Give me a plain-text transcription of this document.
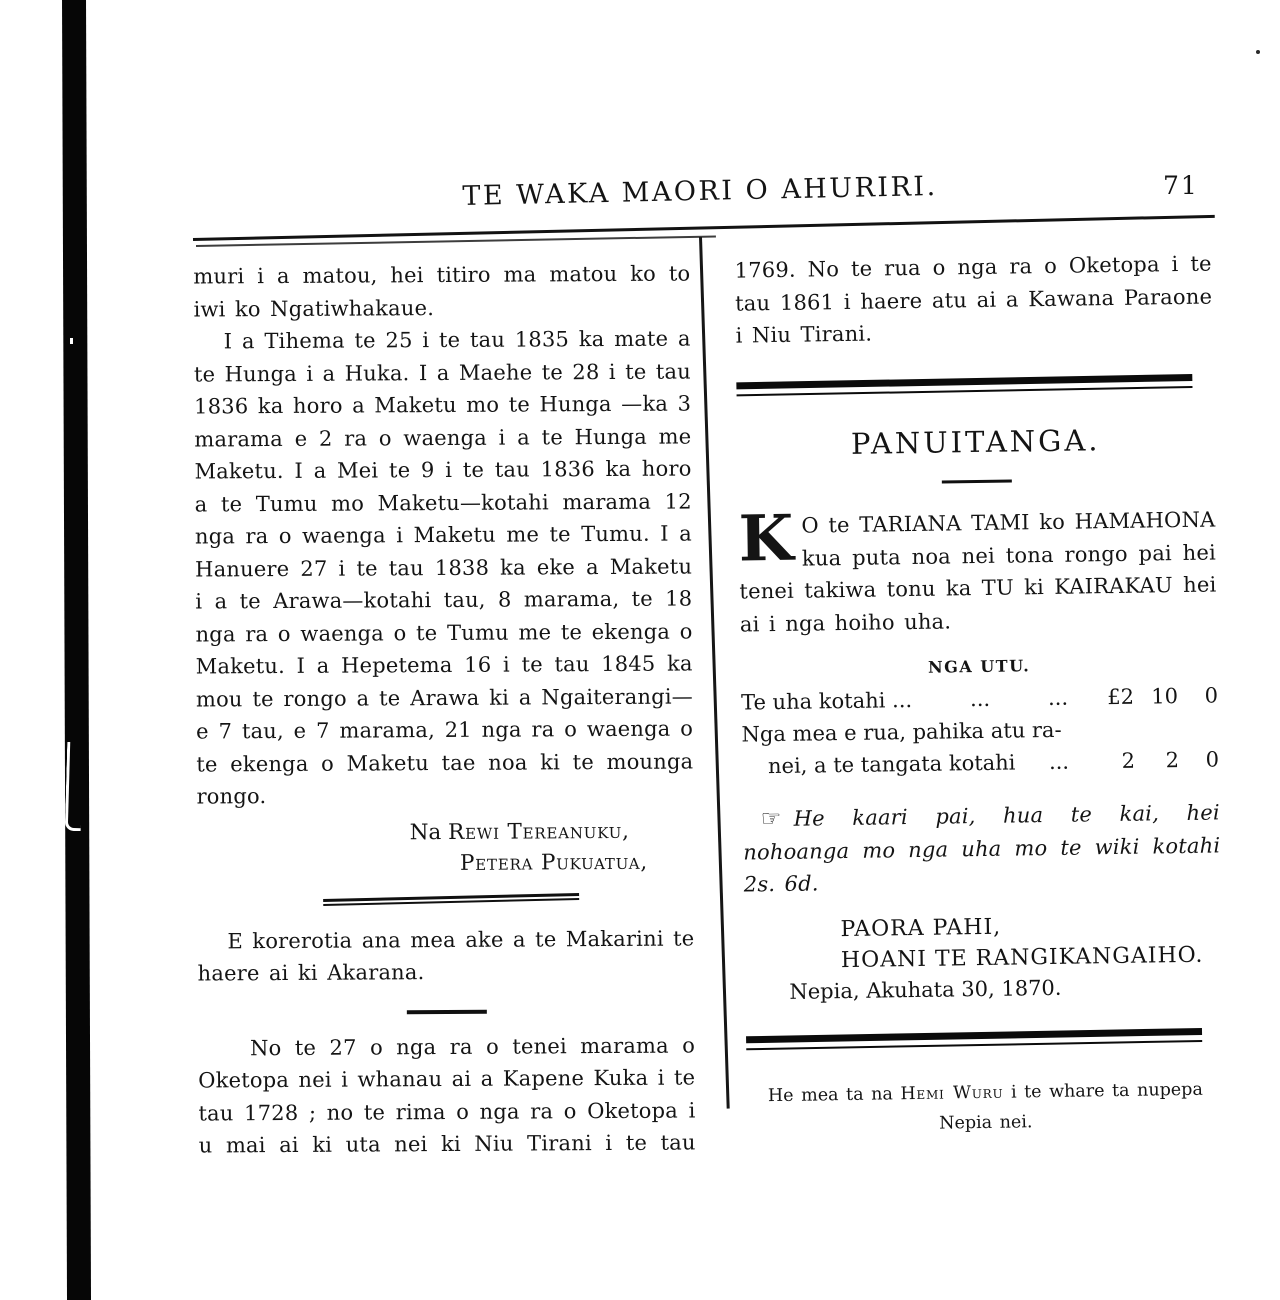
TE WAKA MAORI O AHURIRI.	71

muri i a matou, hei titiro ma matou ko to iwi ko Ngatiwhakaue.

I a Tihema te 25 i te tau 1835 ka mate a te Hunga i a Huka. I a Maehe te 28 i te tau 1836 ka horo a Maketu mo te Hunga —ka 3 marama e 2 ra o waenga i a te Hunga me Maketu. I a Mei te 9 i te tau 1836 ka horo a te Tumu mo Maketu—kotahi marama 12 nga ra o waenga i Maketu me te Tumu. I a Hanuere 27 i te tau 1838 ka eke a Maketu i a te Arawa—kotahi tau, 8 marama, te 18 nga ra o waenga o te Tumu me te ekenga o Maketu. I a Hepetema 16 i te tau 1845 ka mou te rongo a te Arawa ki a Ngaiterangi—e 7 tau, e 7 marama, 21 nga ra o waenga o te ekenga o Maketu tae noa ki te mounga rongo.

Na Rewi Tereanuku,
Petera Pukuatua,

E korerotia ana mea ake a te Makarini te haere ai ki Akarana.

No te 27 o nga ra o tenei marama o Oketopa nei i whanau ai a Kapene Kuka i te tau 1728 ; no te rima o nga ra o Oketopa i u mai ai ki uta nei ki Niu Tirani i te tau

1769. No te rua o nga ra o Oketopa i te tau 1861 i haere atu ai a Kawana Paraone i Niu Tirani.

PANUITANGA.

K O te TARIANA TAMI ko HAMAHONA kua puta noa nei tona rongo pai hei tenei takiwa tonu ka TU ki KAIRAKAU hei ai i nga hoiho uha.

NGA UTU.
Te uha kotahi ...	...	...	£2 10	0
Nga mea e rua, pahika atu ra-
nei, a te tangata kotahi ...	2	2	0

☞ He kaari pai, hua te kai, hei nohoanga mo nga uha mo te wiki kotahi 2s. 6d.

PAORA PAHI,
HOANI TE RANGIKANGAIHO.
Nepia, Akuhata 30, 1870.
He mea ta na Hemi Wuru i te whare ta nupepa
Nepia nei.
